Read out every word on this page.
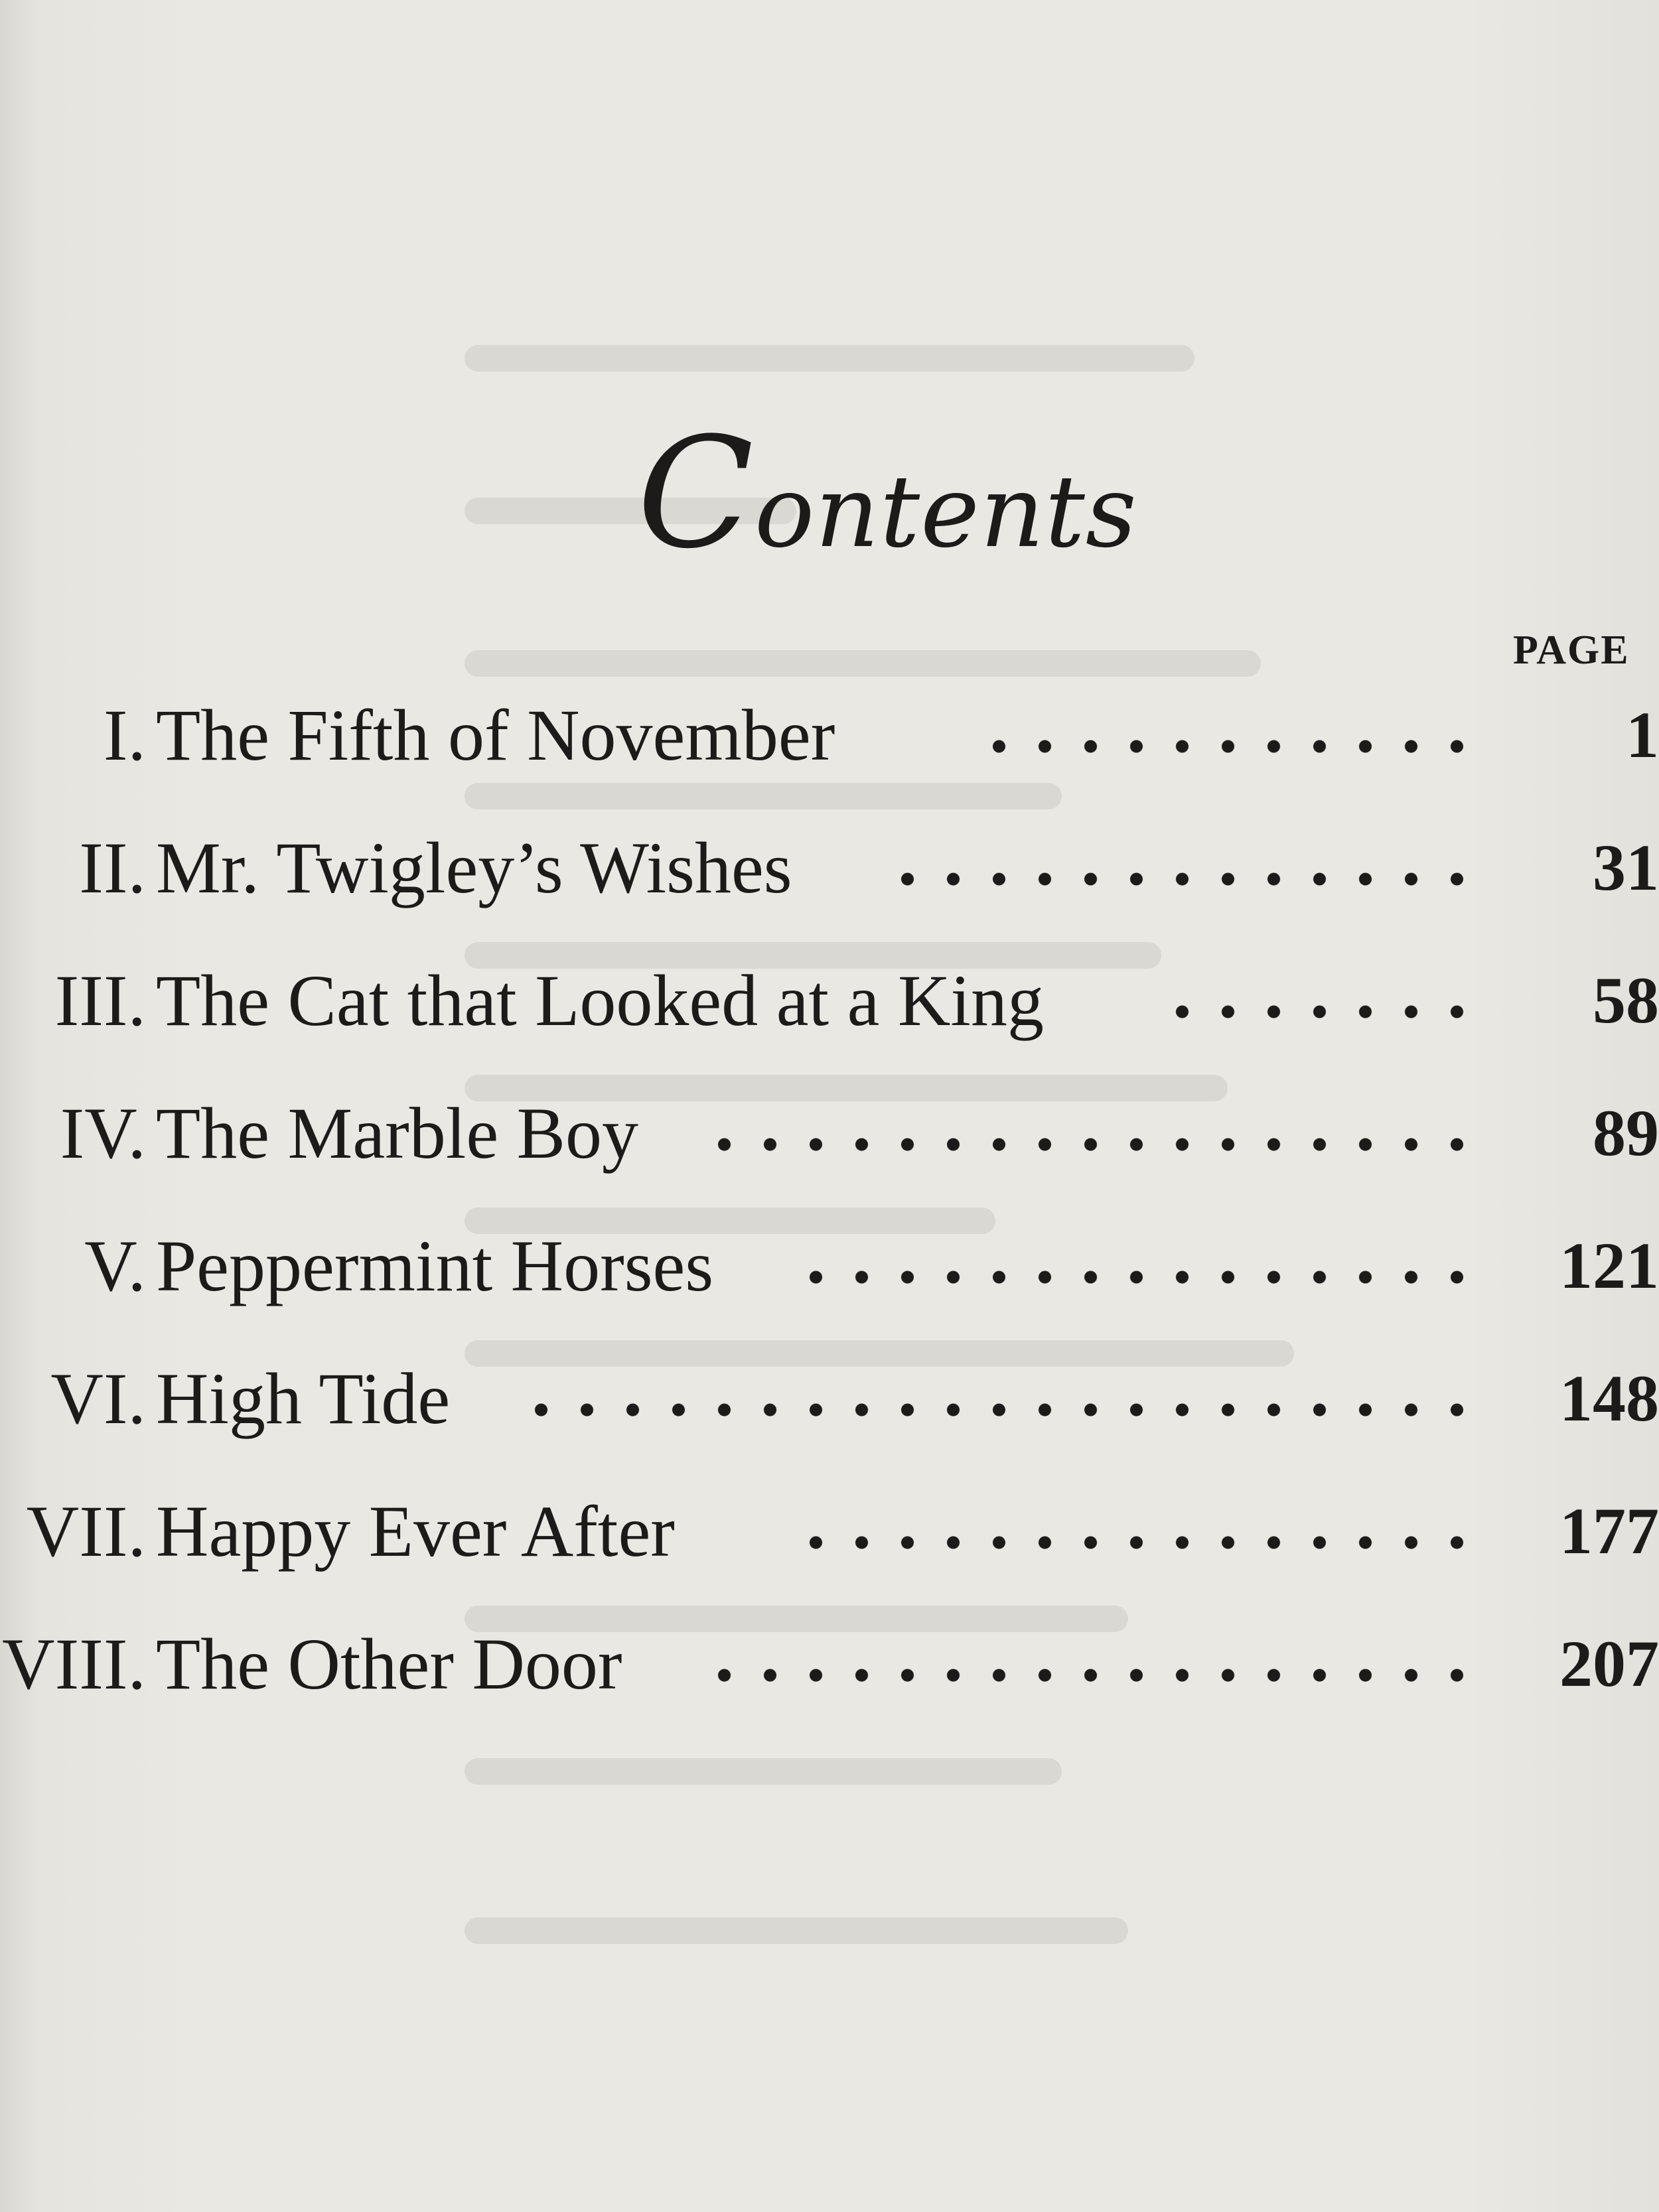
Contents
PAGE
I. The Fifth of November	1
II. Mr. Twigley’s Wishes	31
III. The Cat that Looked at a King	58
IV. The Marble Boy	89
V. Peppermint Horses	121
VI. High Tide	148
VII. Happy Ever After	177
VIII. The Other Door	207
